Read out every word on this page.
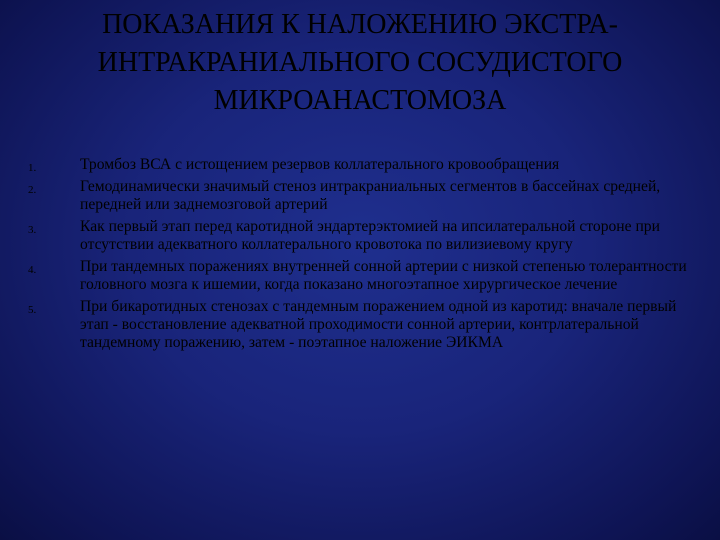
ПОКАЗАНИЯ К НАЛОЖЕНИЮ ЭКСТРА-
ИНТРАКРАНИАЛЬНОГО СОСУДИСТОГО
МИКРОАНАСТОМОЗА
1.	Тромбоз ВСА с истощением резервов коллатерального кровообращения
2.	Гемодинамически значимый стеноз интракраниальных сегментов в бассейнах средней, передней или заднемозговой артерий
3.	Как первый этап перед каротидной эндартерэктомией на ипсилатеральной стороне при отсутствии адекватного коллатерального кровотока по вилизиевому кругу
4.	При тандемных поражениях внутренней сонной артерии с низкой степенью толерантности головного мозга к ишемии, когда показано многоэтапное хирургическое лечение
5.	При бикаротидных стенозах с тандемным поражением одной из каротид: вначале первый этап - восстановление адекватной проходимости сонной артерии, контрлатеральной тандемному поражению, затем - поэтапное наложение ЭИКМА
